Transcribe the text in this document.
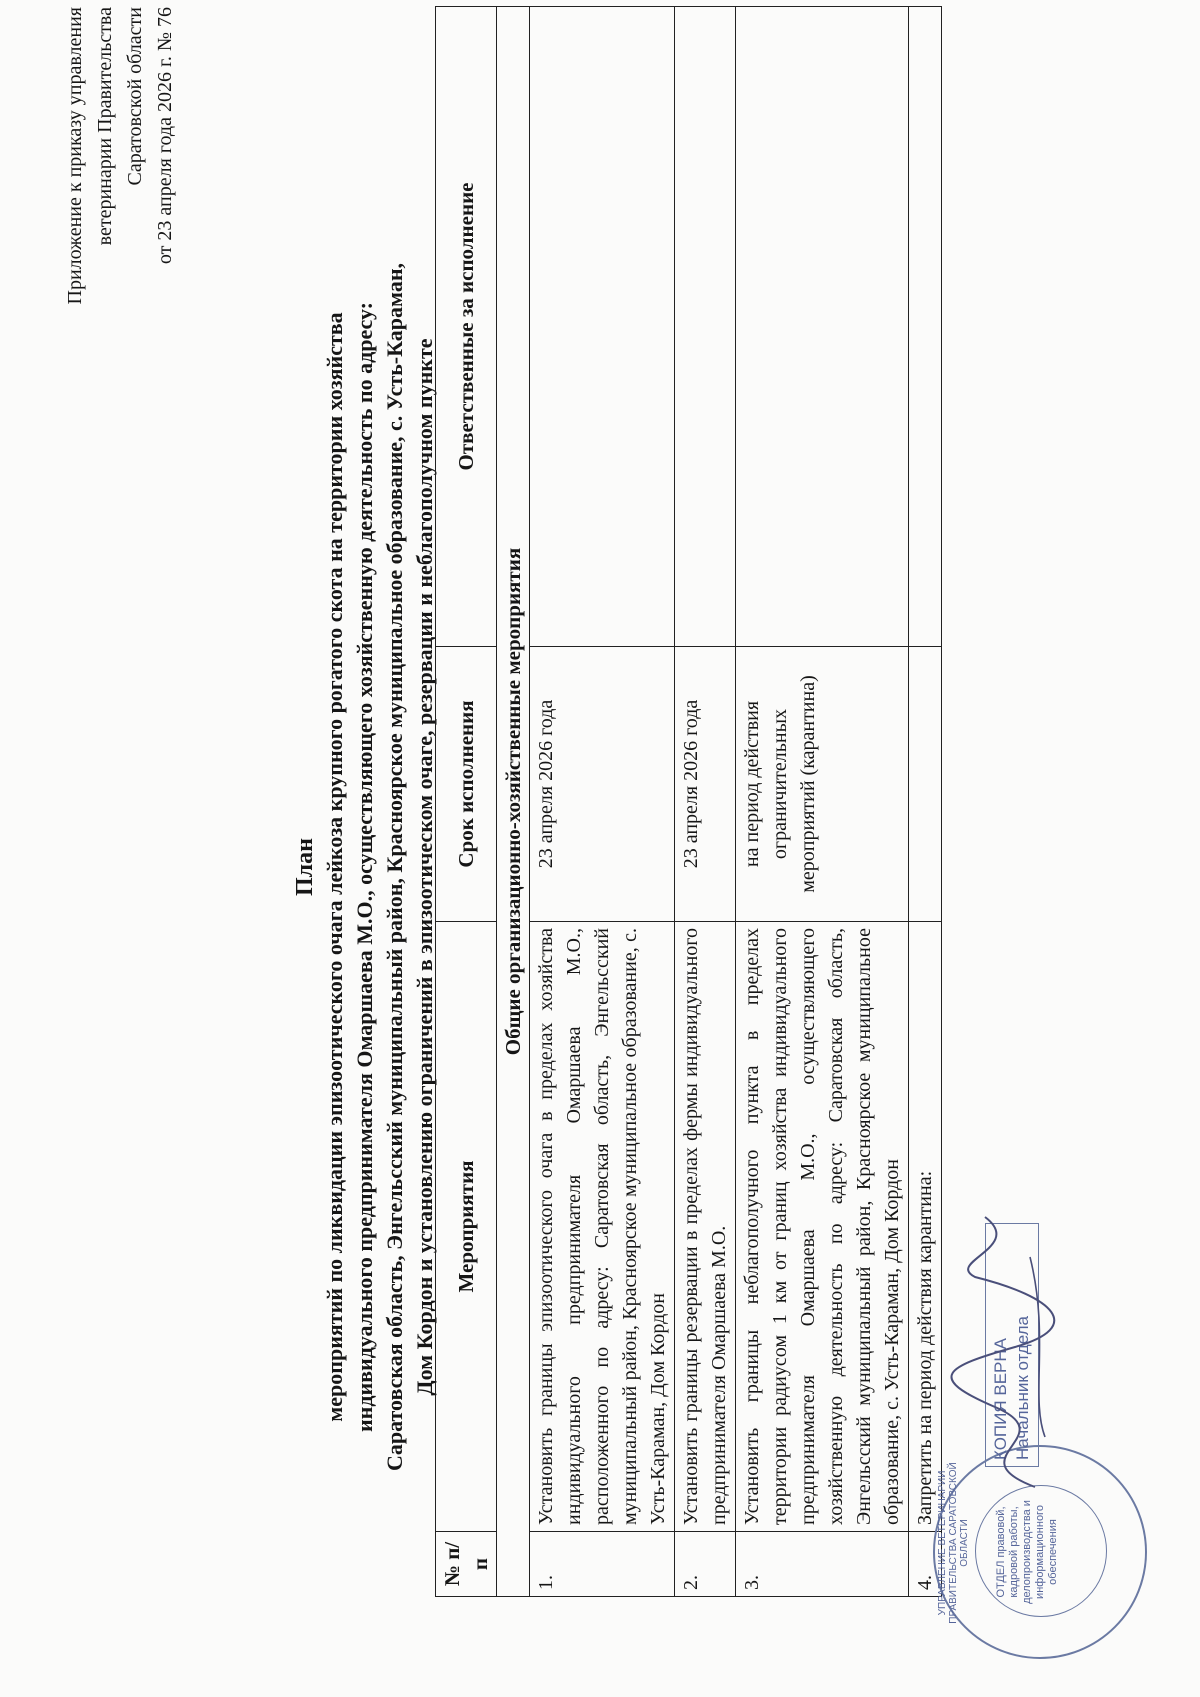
Приложение к приказу управления ветеринарии Правительства Саратовской области от 23 апреля года 2026 г. № 76
План мероприятий по ликвидации эпизоотического очага лейкоза крупного рогатого скота на территории хозяйства индивидуального предпринимателя Омаршаева М.О., осуществляющего хозяйственную деятельность по адресу: Саратовская область, Энгельсский муниципальный район, Красноярское муниципальное образование, с. Усть-Караман, Дом Кордон и установлению ограничений в эпизоотическом очаге, резервации и неблагополучном пункте
№ п/п	Мероприятия	Срок исполнения	Ответственные за исполнение
Общие организационно-хозяйственные мероприятия			
1.	Установить границы эпизоотического очага в пределах хозяйства индивидуального предпринимателя Омаршаева М.О., расположенного по адресу: Саратовская область, Энгельсский муниципальный район, Красноярское муниципальное образование, с. Усть-Караман, Дом Кордон	23 апреля 2026 года	
2.	Установить границы резервации в пределах фермы индивидуального предпринимателя Омаршаева М.О.	23 апреля 2026 года	
3.	Установить границы неблагополучного пункта в пределах территории радиусом 1 км от границ хозяйства индивидуального предпринимателя Омаршаева М.О., осуществляющего хозяйственную деятельность по адресу: Саратовская область, Энгельсский муниципальный район, Красноярское муниципальное образование, с. Усть-Караман, Дом Кордон	на период действия ограничительных мероприятий (карантина)	
4.	Запретить на период действия карантина:		
УПРАВЛЕНИЕ ВЕТЕРИНАРИИ ПРАВИТЕЛЬСТВА САРАТОВСКОЙ ОБЛАСТИ ОТДЕЛ правовой, кадровой работы, делопроизводства и информационного обеспечения
КОПИЯ ВЕРНА Начальник отдела
